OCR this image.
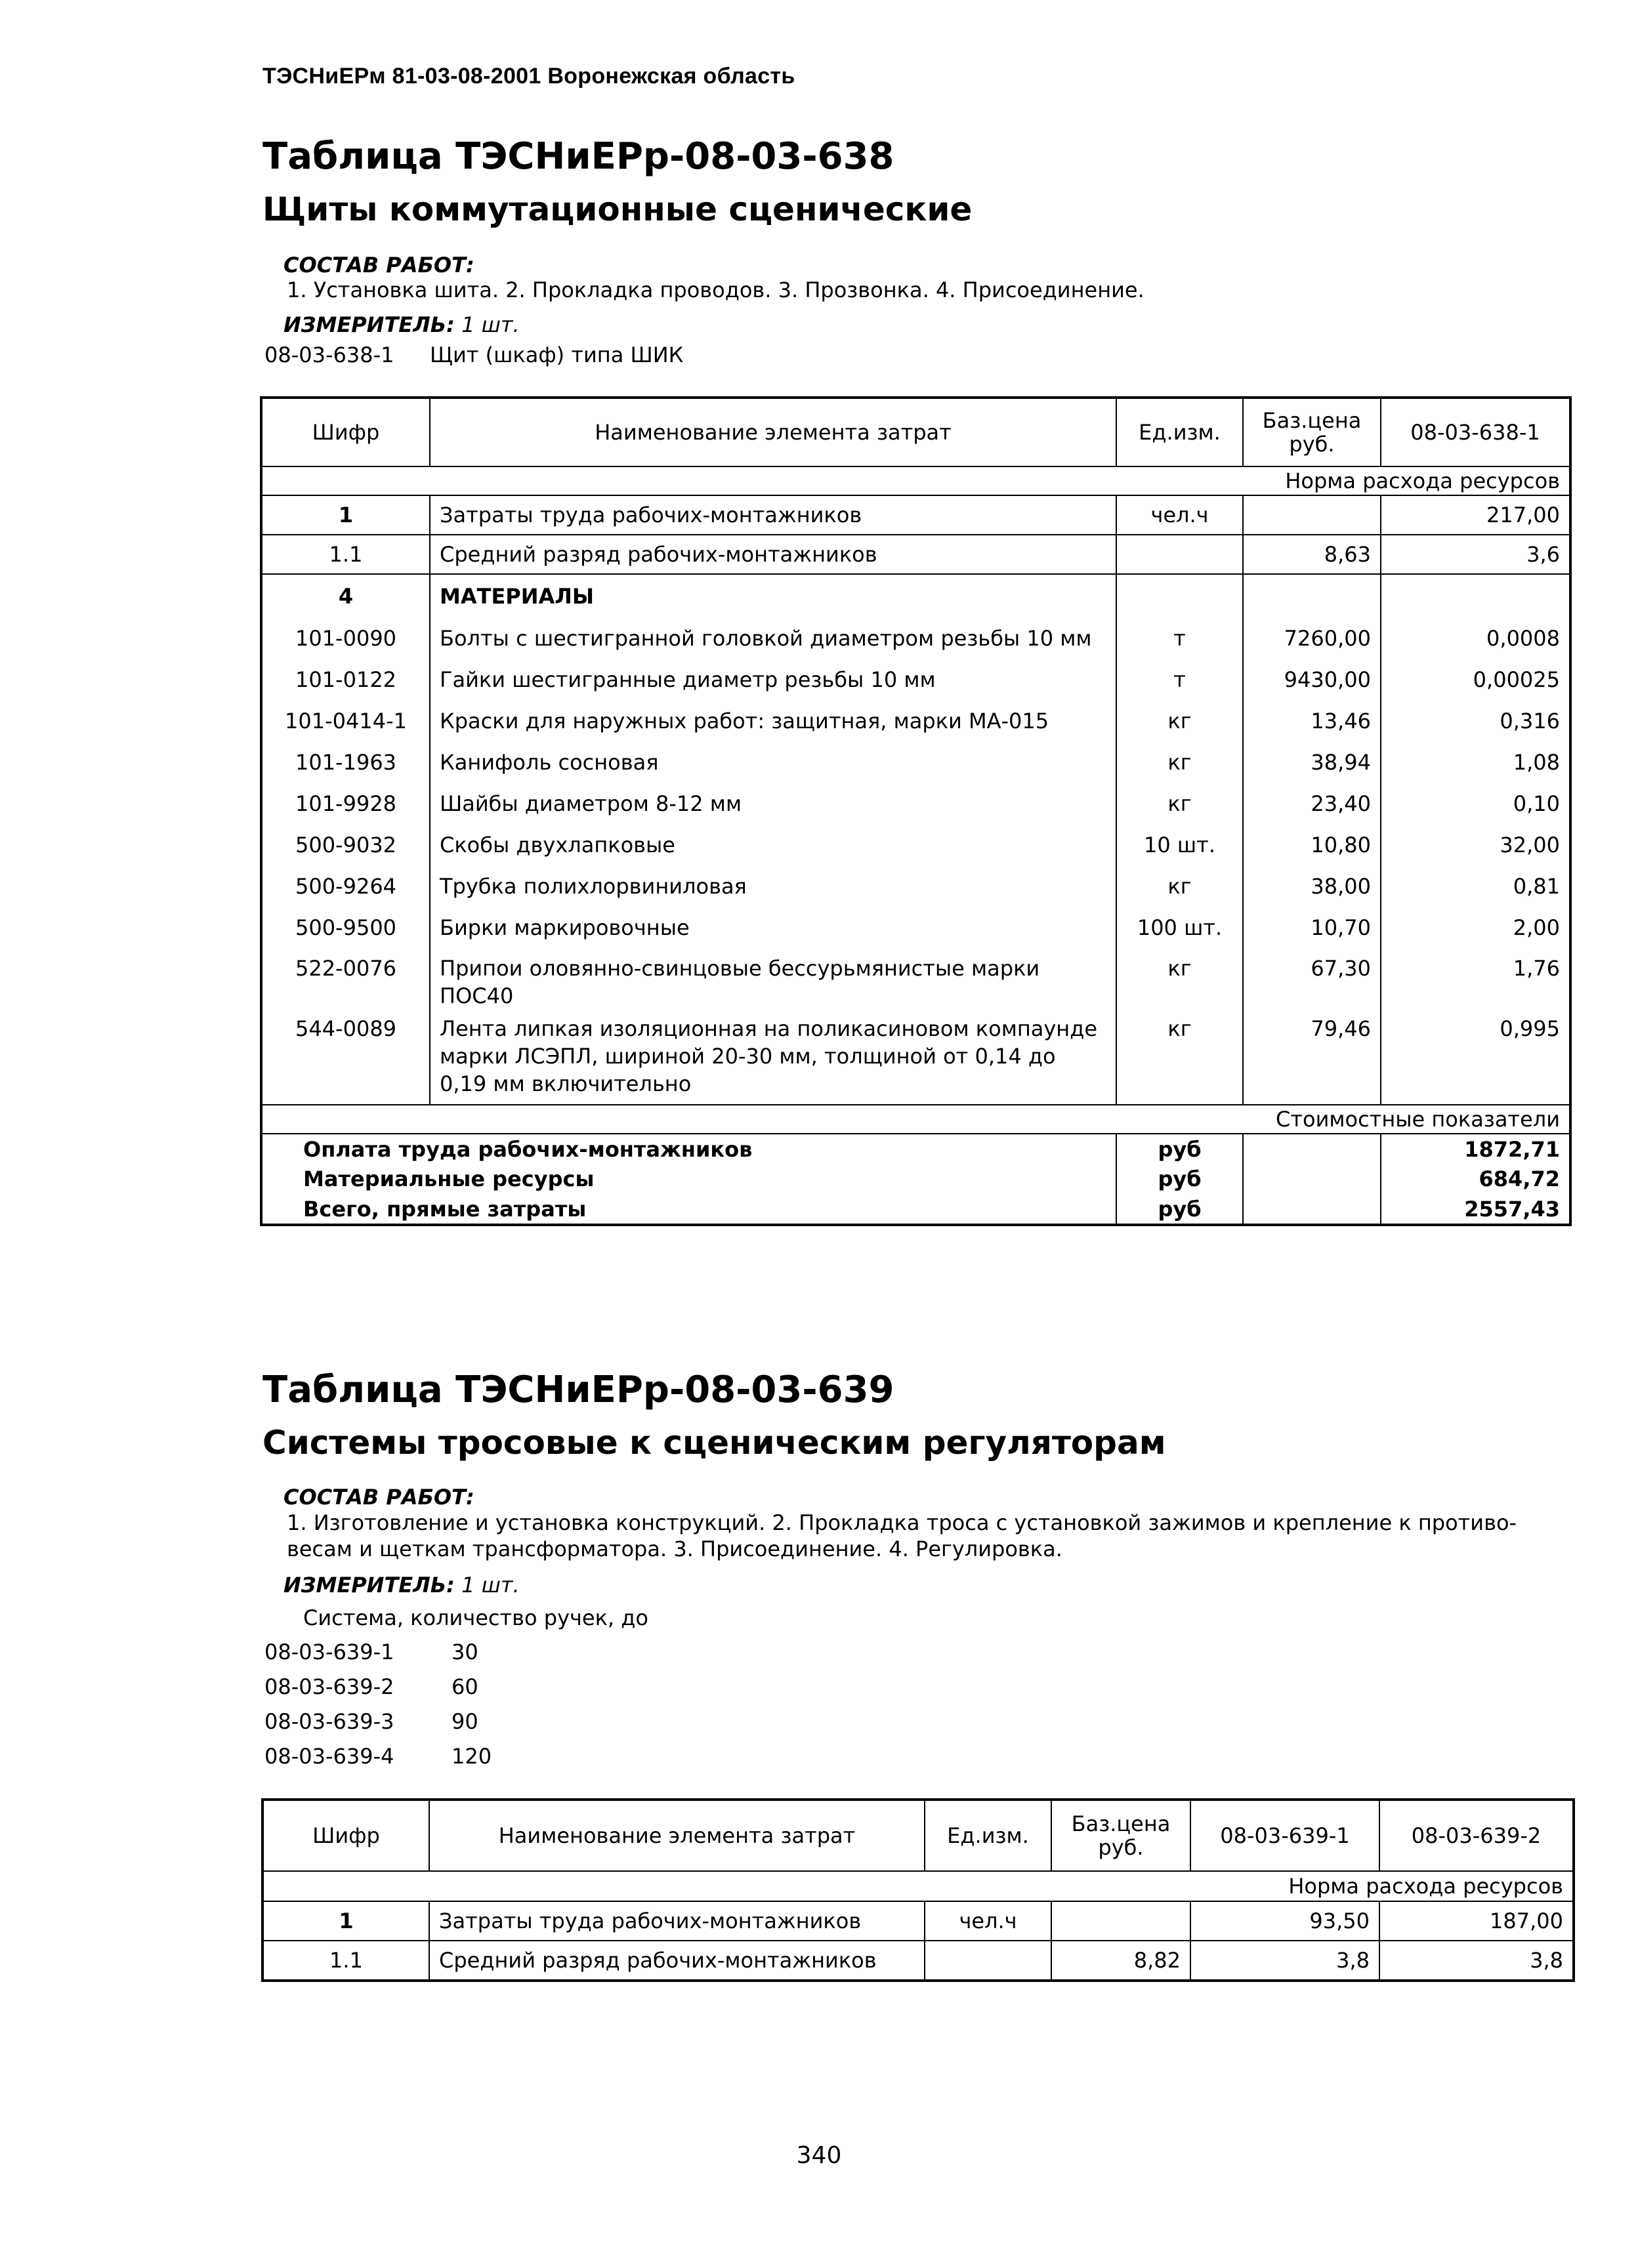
ТЭСНиЕРм 81-03-08-2001 Воронежская область
Таблица ТЭСНиЕРр-08-03-638
Щиты коммутационные сценические
СОСТАВ РАБОТ:
1. Установка шита. 2. Прокладка проводов. 3. Прозвонка. 4. Присоединение.
ИЗМЕРИТЕЛЬ: 1 шт.
08-03-638-1 Щит (шкаф) типа ШИК
Шифр	Наименование элемента затрат	Ед.изм.	Баз.цена руб.	08-03-638-1
Норма расхода ресурсов				
1	Затраты труда рабочих-монтажников	чел.ч		217,00
1.1	Средний разряд рабочих-монтажников		8,63	3,6
4	МАТЕРИАЛЫ			
101-0090	Болты с шестигранной головкой диаметром резьбы 10 мм	т	7260,00	0,0008
101-0122	Гайки шестигранные диаметр резьбы 10 мм	т	9430,00	0,00025
101-0414-1	Краски для наружных работ: защитная, марки МА-015	кг	13,46	0,316
101-1963	Канифоль сосновая	кг	38,94	1,08
101-9928	Шайбы диаметром 8-12 мм	кг	23,40	0,10
500-9032	Скобы двухлапковые	10 шт.	10,80	32,00
500-9264	Трубка полихлорвиниловая	кг	38,00	0,81
500-9500	Бирки маркировочные	100 шт.	10,70	2,00
522-0076	Припои оловянно-свинцовые бессурьмянистые марки ПОС40	кг	67,30	1,76
544-0089	Лента липкая изоляционная на поликасиновом компаунде марки ЛСЭПЛ, шириной 20-30 мм, толщиной от 0,14 до 0,19 мм включительно	кг	79,46	0,995
Стоимостные показатели				
Оплата труда рабочих-монтажников		руб		1872,71
Материальные ресурсы		руб		684,72
Всего, прямые затраты		руб		2557,43
Таблица ТЭСНиЕРр-08-03-639
Системы тросовые к сценическим регуляторам
СОСТАВ РАБОТ:
1. Изготовление и установка конструкций. 2. Прокладка троса с установкой зажимов и крепление к противо-
весам и щеткам трансформатора. 3. Присоединение. 4. Регулировка.
ИЗМЕРИТЕЛЬ: 1 шт.
Система, количество ручек, до
08-03-639-1	30
08-03-639-2	60
08-03-639-3	90
08-03-639-4	120
Шифр	Наименование элемента затрат	Ед.изм.	Баз.цена руб.	08-03-639-1	08-03-639-2
Норма расхода ресурсов					
1	Затраты труда рабочих-монтажников	чел.ч		93,50	187,00
1.1	Средний разряд рабочих-монтажников		8,82	3,8	3,8
340
